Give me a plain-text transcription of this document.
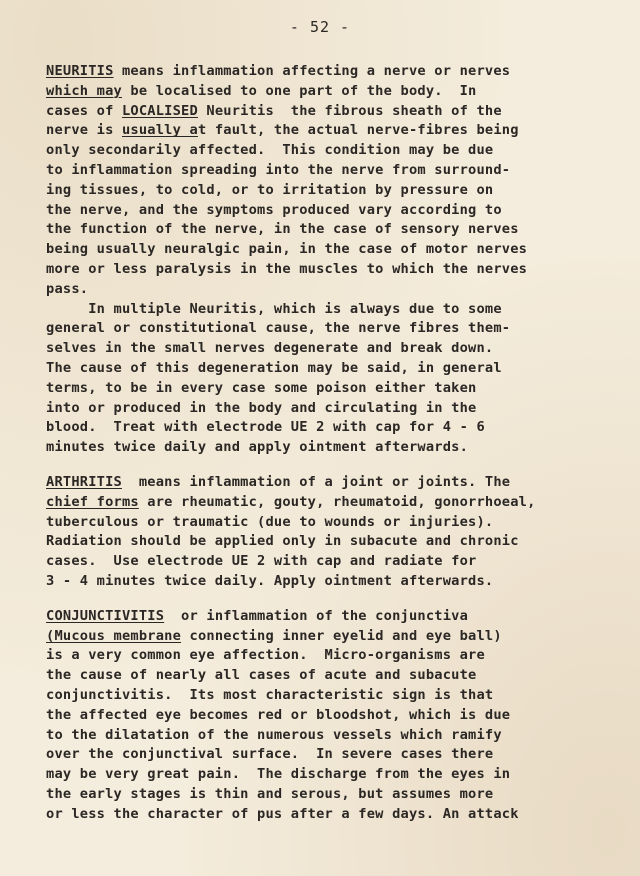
- 52 -
NEURITIS means inflammation affecting a nerve or nerves
which may be localised to one part of the body.  In
cases of LOCALISED Neuritis  the fibrous sheath of the
nerve is usually at fault, the actual nerve-fibres being
only secondarily affected.  This condition may be due
to inflammation spreading into the nerve from surround-
ing tissues, to cold, or to irritation by pressure on
the nerve, and the symptoms produced vary according to
the function of the nerve, in the case of sensory nerves
being usually neuralgic pain, in the case of motor nerves
more or less paralysis in the muscles to which the nerves
pass.
In multiple Neuritis, which is always due to some
general or constitutional cause, the nerve fibres them-
selves in the small nerves degenerate and break down.
The cause of this degeneration may be said, in general
terms, to be in every case some poison either taken
into or produced in the body and circulating in the
blood.  Treat with electrode UE 2 with cap for 4 - 6
minutes twice daily and apply ointment afterwards.
ARTHRITIS  means inflammation of a joint or joints. The
chief forms are rheumatic, gouty, rheumatoid, gonorrhoeal,
tuberculous or traumatic (due to wounds or injuries).
Radiation should be applied only in subacute and chronic
cases.  Use electrode UE 2 with cap and radiate for
3 - 4 minutes twice daily. Apply ointment afterwards.
CONJUNCTIVITIS  or inflammation of the conjunctiva
(Mucous membrane connecting inner eyelid and eye ball)
is a very common eye affection.  Micro-organisms are
the cause of nearly all cases of acute and subacute
conjunctivitis.  Its most characteristic sign is that
the affected eye becomes red or bloodshot, which is due
to the dilatation of the numerous vessels which ramify
over the conjunctival surface.  In severe cases there
may be very great pain.  The discharge from the eyes in
the early stages is thin and serous, but assumes more
or less the character of pus after a few days. An attack
